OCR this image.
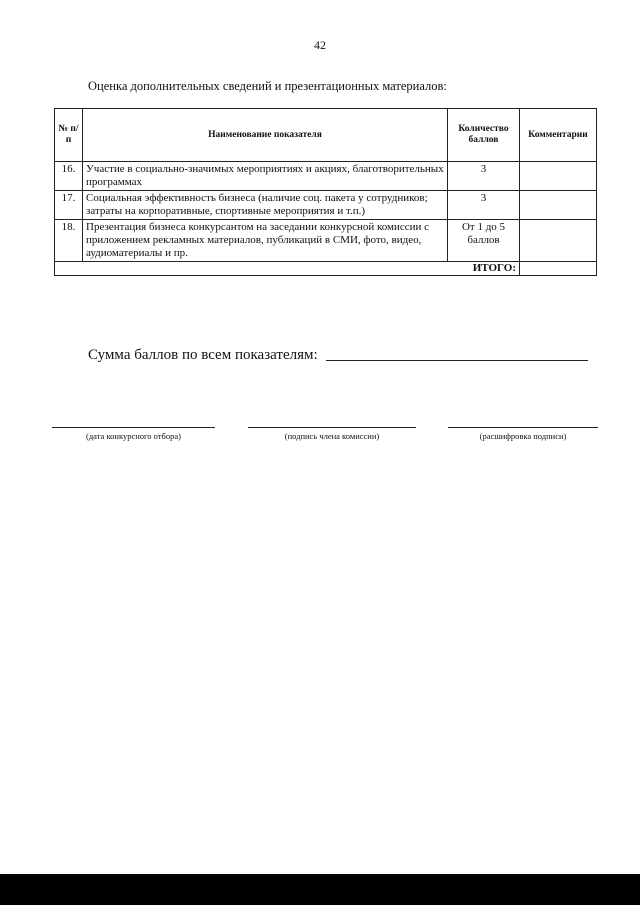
42
Оценка дополнительных сведений и презентационных материалов:
№ п/п	Наименование показателя	Количество баллов	Комментарии
16.	Участие в социально-значимых мероприятиях и акциях, благотворительных программах	3	
17.	Социальная эффективность бизнеса (наличие соц. пакета у сотрудников; затраты на корпоративные, спортивные мероприятия и т.п.)	3	
18.	Презентация бизнеса конкурсантом на заседании конкурсной комиссии с приложением рекламных материалов, публикаций в СМИ, фото, видео, аудиоматериалы и пр.	От 1 до 5 баллов	
ИТОГО:			
Сумма баллов по всем показателям:
(дата конкурсного отбора)	(подпись члена комиссии)	(расшифровка подписи)
